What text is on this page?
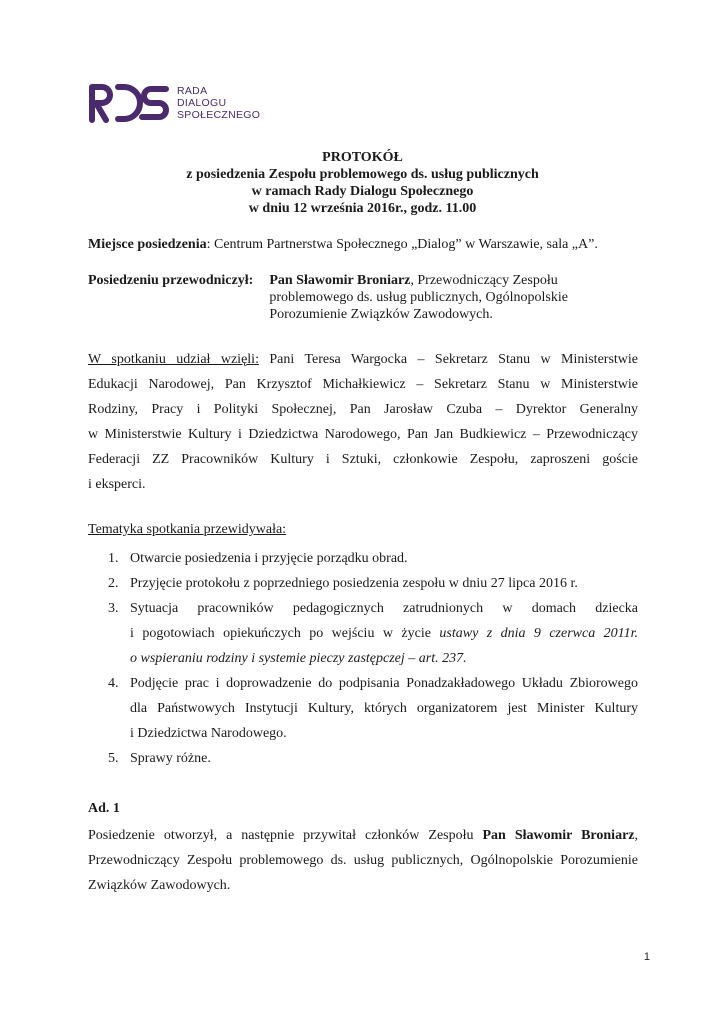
RADA
DIALOGU
SPOŁECZNEGO
PROTOKÓŁ
z posiedzenia Zespołu problemowego ds. usług publicznych
w ramach Rady Dialogu Społecznego
w dniu 12 września 2016r., godz. 11.00
Miejsce posiedzenia: Centrum Partnerstwa Społecznego „Dialog” w Warszawie, sala „A”.
Posiedzeniu przewodniczył:	Pan Sławomir Broniarz, Przewodniczący Zespołu
problemowego ds. usług publicznych, Ogólnopolskie
Porozumienie Związków Zawodowych.
W spotkaniu udział wzięli: Pani Teresa Wargocka – Sekretarz Stanu w Ministerstwie
Edukacji Narodowej, Pan Krzysztof Michałkiewicz – Sekretarz Stanu w Ministerstwie
Rodziny, Pracy i Polityki Społecznej, Pan Jarosław Czuba – Dyrektor Generalny
w Ministerstwie Kultury i Dziedzictwa Narodowego, Pan Jan Budkiewicz – Przewodniczący
Federacji ZZ Pracowników Kultury i Sztuki, członkowie Zespołu, zaproszeni goście
i eksperci.
Tematyka spotkania przewidywała:
1. Otwarcie posiedzenia i przyjęcie porządku obrad.
2. Przyjęcie protokołu z poprzedniego posiedzenia zespołu w dniu 27 lipca 2016 r.
3. Sytuacja pracowników pedagogicznych zatrudnionych w domach dziecka
i pogotowiach opiekuńczych po wejściu w życie ustawy z dnia 9 czerwca 2011r.
o wspieraniu rodziny i systemie pieczy zastępczej – art. 237.
4. Podjęcie prac i doprowadzenie do podpisania Ponadzakładowego Układu Zbiorowego
dla Państwowych Instytucji Kultury, których organizatorem jest Minister Kultury
i Dziedzictwa Narodowego.
5. Sprawy różne.
Ad. 1
Posiedzenie otworzył, a następnie przywitał członków Zespołu Pan Sławomir Broniarz,
Przewodniczący Zespołu problemowego ds. usług publicznych, Ogólnopolskie Porozumienie
Związków Zawodowych.
1
